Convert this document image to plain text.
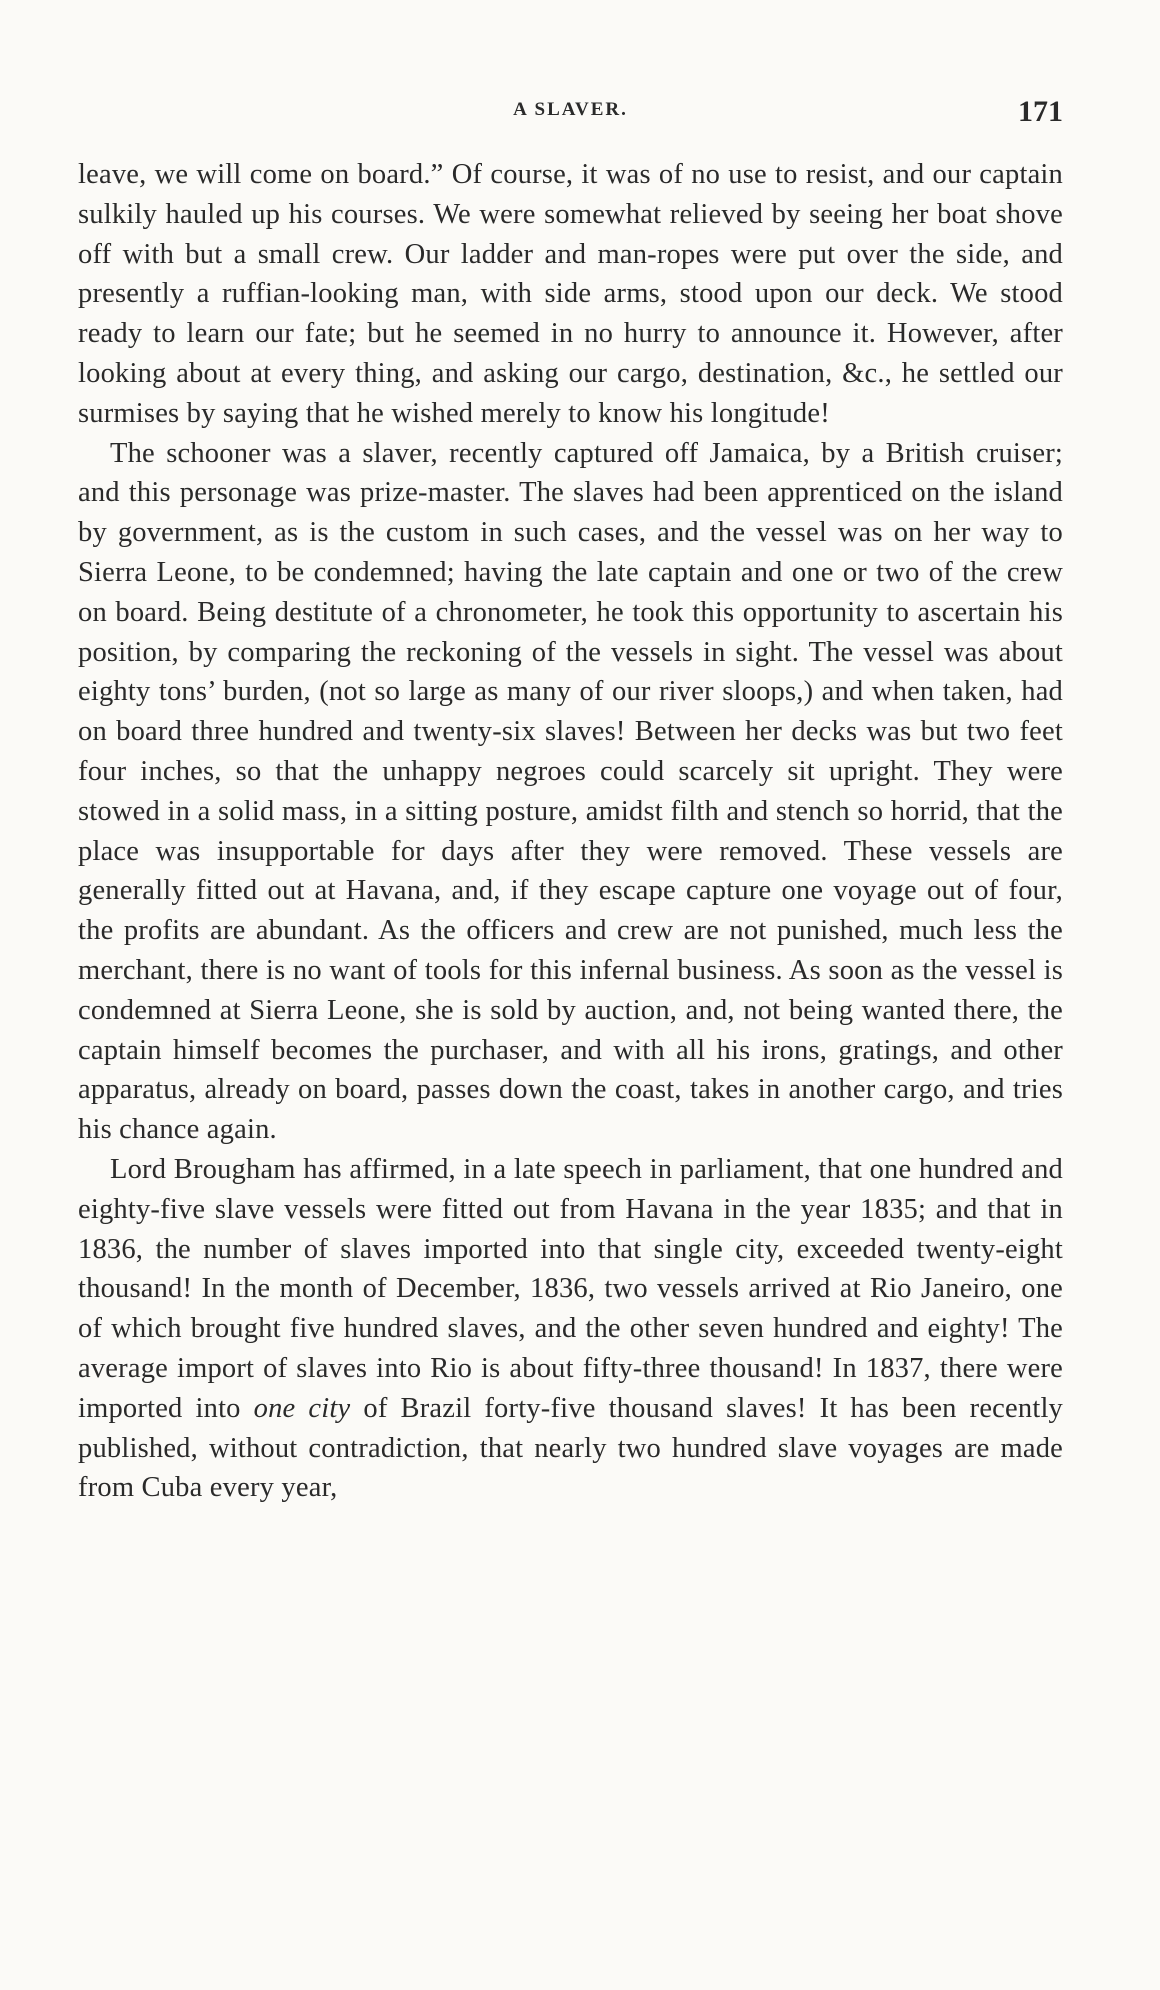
A SLAVER.	171

leave, we will come on board.” Of course, it was of no use to resist, and our captain sulkily hauled up his courses. We were somewhat relieved by seeing her boat shove off with but a small crew. Our ladder and man-ropes were put over the side, and presently a ruffian-looking man, with side arms, stood upon our deck. We stood ready to learn our fate; but he seemed in no hurry to announce it. However, after looking about at every thing, and asking our cargo, destination, &c., he settled our surmises by saying that he wished merely to know his longitude!

The schooner was a slaver, recently captured off Jamaica, by a British cruiser; and this personage was prize-master. The slaves had been apprenticed on the island by government, as is the custom in such cases, and the vessel was on her way to Sierra Leone, to be condemned; having the late captain and one or two of the crew on board. Being destitute of a chronometer, he took this opportunity to ascertain his position, by comparing the reckoning of the vessels in sight. The vessel was about eighty tons’ burden, (not so large as many of our river sloops,) and when taken, had on board three hundred and twenty-six slaves! Between her decks was but two feet four inches, so that the unhappy negroes could scarcely sit upright. They were stowed in a solid mass, in a sitting posture, amidst filth and stench so horrid, that the place was insupportable for days after they were removed. These vessels are generally fitted out at Havana, and, if they escape capture one voyage out of four, the profits are abundant. As the officers and crew are not punished, much less the merchant, there is no want of tools for this infernal business. As soon as the vessel is condemned at Sierra Leone, she is sold by auction, and, not being wanted there, the captain himself becomes the purchaser, and with all his irons, gratings, and other apparatus, already on board, passes down the coast, takes in another cargo, and tries his chance again.

Lord Brougham has affirmed, in a late speech in parliament, that one hundred and eighty-five slave vessels were fitted out from Havana in the year 1835; and that in 1836, the number of slaves imported into that single city, exceeded twenty-eight thousand! In the month of December, 1836, two vessels arrived at Rio Janeiro, one of which brought five hundred slaves, and the other seven hundred and eighty! The average import of slaves into Rio is about fifty-three thousand! In 1837, there were imported into one city of Brazil forty-five thousand slaves! It has been recently published, without contradiction, that nearly two hundred slave voyages are made from Cuba every year,
